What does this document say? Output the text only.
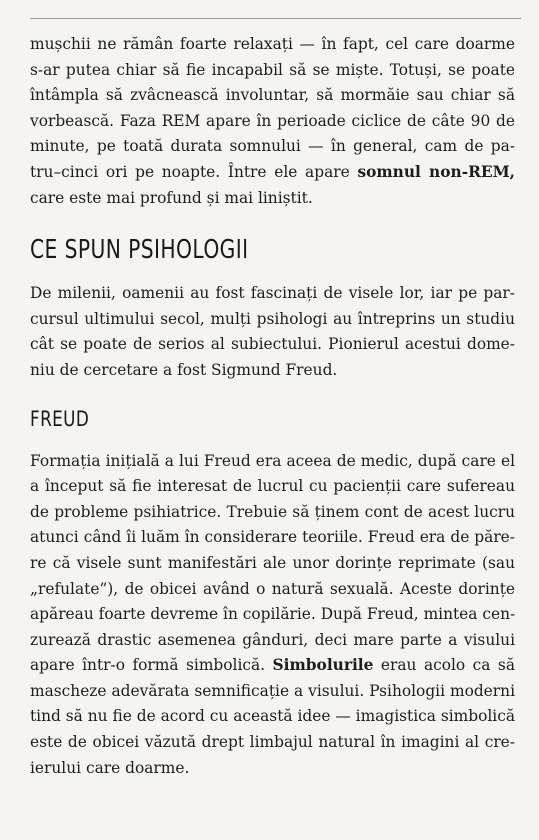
mușchii ne rămân foarte relaxați — în fapt, cel care doarme
s-ar putea chiar să fie incapabil să se miște. Totuși, se poate
întâmpla să zvâcnească involuntar, să mormăie sau chiar să
vorbească. Faza REM apare în perioade ciclice de câte 90 de
minute, pe toată durata somnului — în general, cam de pa-
tru–cinci ori pe noapte. Între ele apare somnul non-REM,
care este mai profund și mai liniștit.

CE SPUN PSIHOLOGII

De milenii, oamenii au fost fascinați de visele lor, iar pe par-
cursul ultimului secol, mulți psihologi au întreprins un studiu
cât se poate de serios al subiectului. Pionierul acestui dome-
niu de cercetare a fost Sigmund Freud.

FREUD

Formația inițială a lui Freud era aceea de medic, după care el
a început să fie interesat de lucrul cu pacienții care sufereau
de probleme psihiatrice. Trebuie să ținem cont de acest lucru
atunci când îi luăm în considerare teoriile. Freud era de păre-
re că visele sunt manifestări ale unor dorințe reprimate (sau
„refulate”), de obicei având o natură sexuală. Aceste dorințe
apăreau foarte devreme în copilărie. După Freud, mintea cen-
zurează drastic asemenea gânduri, deci mare parte a visului
apare într-o formă simbolică. Simbolurile erau acolo ca să
mascheze adevărata semnificație a visului. Psihologii moderni
tind să nu fie de acord cu această idee — imagistica simbolică
este de obicei văzută drept limbajul natural în imagini al cre-
ierului care doarme.
